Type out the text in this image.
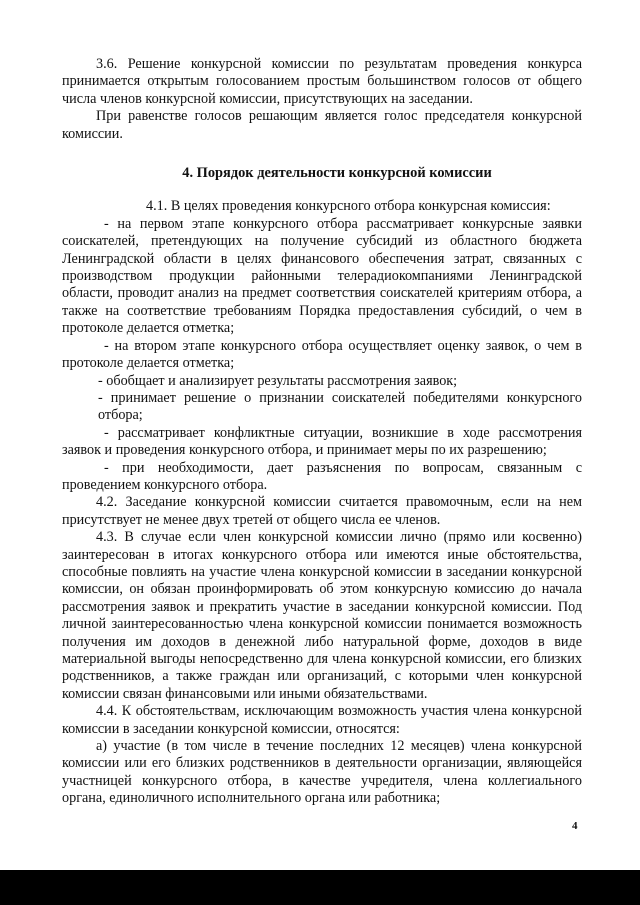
3.6. Решение конкурсной комиссии по результатам проведения конкурса принимается открытым голосованием простым большинством голосов от общего числа членов конкурсной комиссии, присутствующих на заседании.

При равенстве голосов решающим является голос председателя конкурсной комиссии.

4. Порядок деятельности конкурсной комиссии

4.1. В целях проведения конкурсного отбора конкурсная комиссия:

- на первом этапе конкурсного отбора рассматривает конкурсные заявки соискателей, претендующих на получение субсидий из областного бюджета Ленинградской области в целях финансового обеспечения затрат, связанных с производством продукции районными телерадиокомпаниями Ленинградской области, проводит анализ на предмет соответствия соискателей критериям отбора, а также на соответствие требованиям Порядка предоставления субсидий, о чем в протоколе делается отметка;

- на втором этапе конкурсного отбора осуществляет оценку заявок, о чем в протоколе делается отметка;

- обобщает и анализирует результаты рассмотрения заявок;

- принимает решение о признании соискателей победителями конкурсного отбора;

- рассматривает конфликтные ситуации, возникшие в ходе рассмотрения заявок и проведения конкурсного отбора, и принимает меры по их разрешению;

- при необходимости, дает разъяснения по вопросам, связанным с проведением конкурсного отбора.

4.2. Заседание конкурсной комиссии считается правомочным, если на нем присутствует не менее двух третей от общего числа ее членов.

4.3. В случае если член конкурсной комиссии лично (прямо или косвенно) заинтересован в итогах конкурсного отбора или имеются иные обстоятельства, способные повлиять на участие члена конкурсной комиссии в заседании конкурсной комиссии, он обязан проинформировать об этом конкурсную комиссию до начала рассмотрения заявок и прекратить участие в заседании конкурсной комиссии. Под личной заинтересованностью члена конкурсной комиссии понимается возможность получения им доходов в денежной либо натуральной форме, доходов в виде материальной выгоды непосредственно для члена конкурсной комиссии, его близких родственников, а также граждан или организаций, с которыми член конкурсной комиссии связан финансовыми или иными обязательствами.

4.4. К обстоятельствам, исключающим возможность участия члена конкурсной комиссии в заседании конкурсной комиссии, относятся:

а) участие (в том числе в течение последних 12 месяцев) члена конкурсной комиссии или его близких родственников в деятельности организации, являющейся участницей конкурсного отбора, в качестве учредителя, члена коллегиального органа, единоличного исполнительного органа или работника;

4
